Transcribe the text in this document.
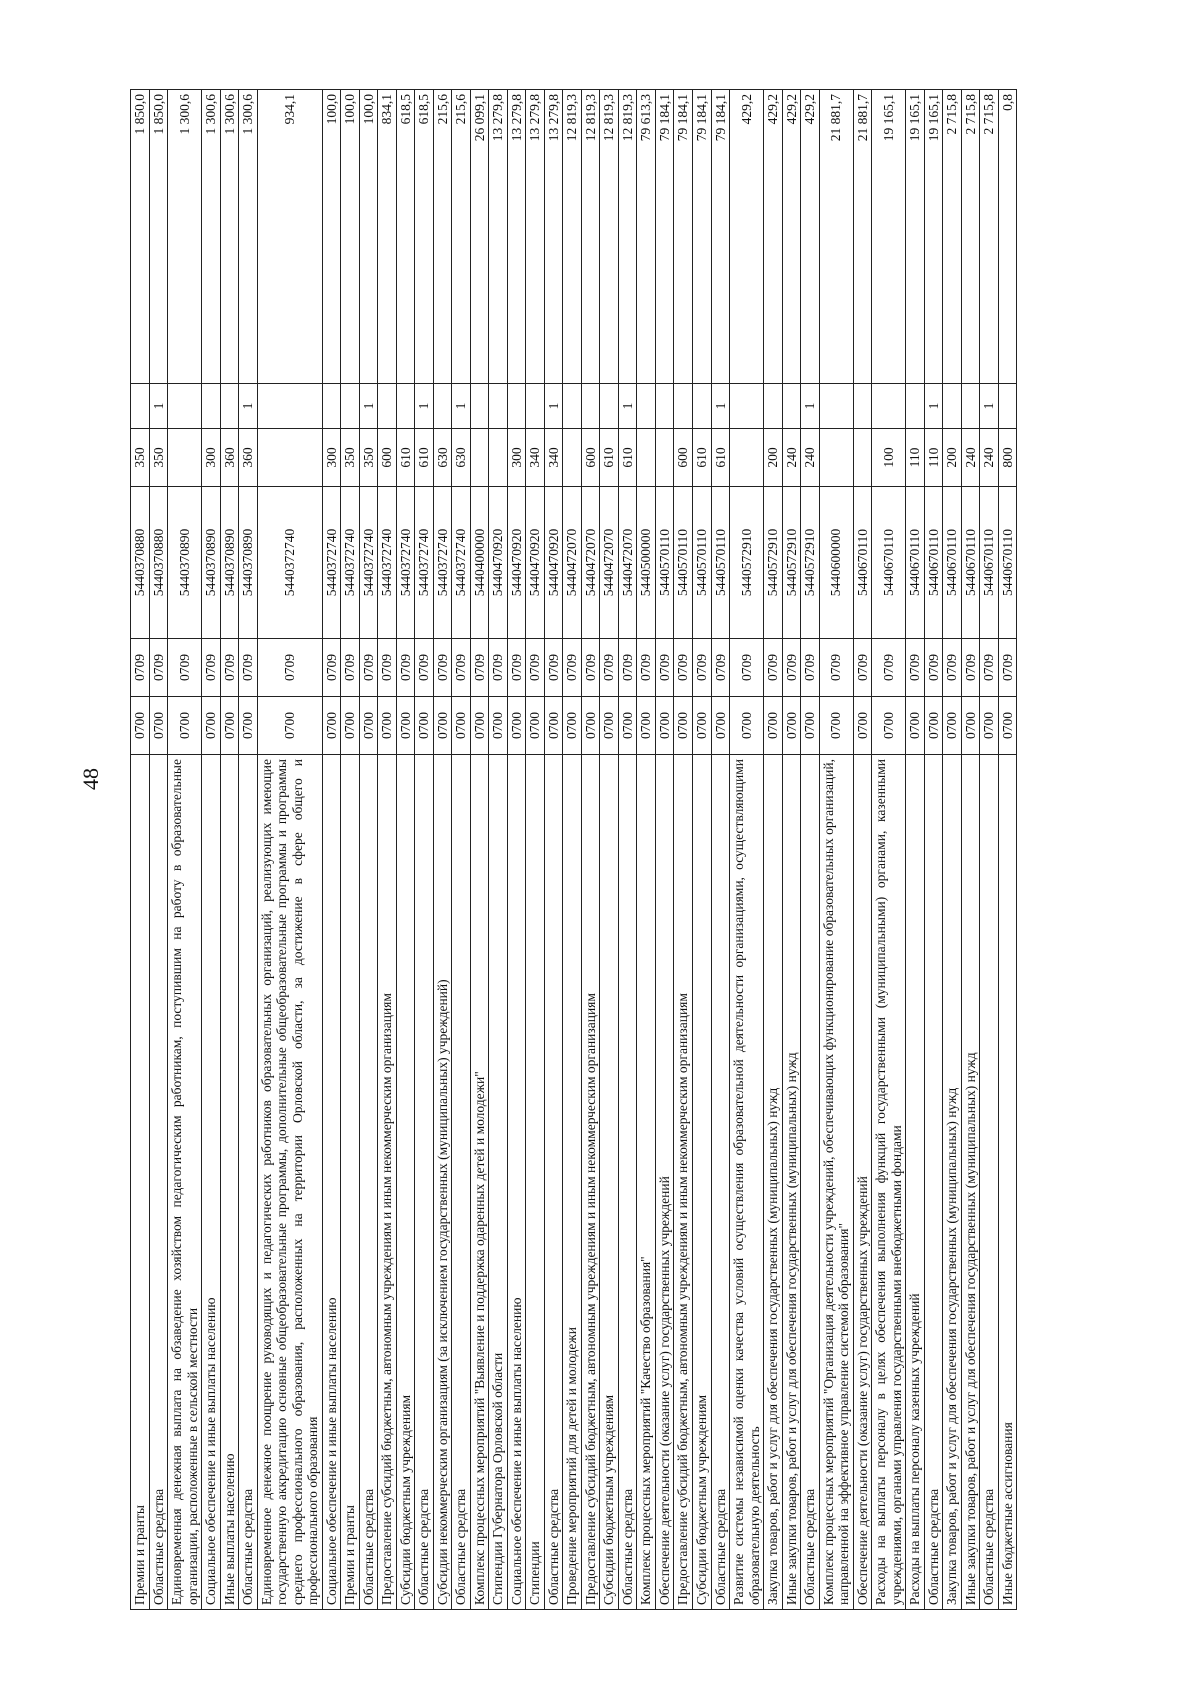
48
Премии и гранты	0700	0709	5440370880	350		1 850,0
Областные средства	0700	0709	5440370880	350	1	1 850,0
Единовременная денежная выплата на обзаведение хозяйством педагогическим работникам, поступившим на работу в образовательные организации, расположенные в сельской местности	0700	0709	5440370890			1 300,6
Социальное обеспечение и иные выплаты населению	0700	0709	5440370890	300		1 300,6
Иные выплаты населению	0700	0709	5440370890	360		1 300,6
Областные средства	0700	0709	5440370890	360	1	1 300,6
Единовременное денежное поощрение руководящих и педагогических работников образовательных организаций, реализующих имеющие государственную аккредитацию основные общеобразовательные программы, дополнительные общеобразовательные программы и программы среднего профессионального образования, расположенных на территории Орловской области, за достижение в сфере общего и профессионального образования	0700	0709	5440372740			934,1
Социальное обеспечение и иные выплаты населению	0700	0709	5440372740	300		100,0
Премии и гранты	0700	0709	5440372740	350		100,0
Областные средства	0700	0709	5440372740	350	1	100,0
Предоставление субсидий бюджетным, автономным учреждениям и иным некоммерческим организациям	0700	0709	5440372740	600		834,1
Субсидии бюджетным учреждениям	0700	0709	5440372740	610		618,5
Областные средства	0700	0709	5440372740	610	1	618,5
Субсидии некоммерческим организациям (за исключением государственных (муниципальных) учреждений)	0700	0709	5440372740	630		215,6
Областные средства	0700	0709	5440372740	630	1	215,6
Комплекс процессных мероприятий "Выявление и поддержка одаренных детей и молодежи"	0700	0709	5440400000			26 099,1
Стипендии Губернатора Орловской области	0700	0709	5440470920			13 279,8
Социальное обеспечение и иные выплаты населению	0700	0709	5440470920	300		13 279,8
Стипендии	0700	0709	5440470920	340		13 279,8
Областные средства	0700	0709	5440470920	340	1	13 279,8
Проведение мероприятий для детей и молодежи	0700	0709	5440472070			12 819,3
Предоставление субсидий бюджетным, автономным учреждениям и иным некоммерческим организациям	0700	0709	5440472070	600		12 819,3
Субсидии бюджетным учреждениям	0700	0709	5440472070	610		12 819,3
Областные средства	0700	0709	5440472070	610	1	12 819,3
Комплекс процессных мероприятий "Качество образования"	0700	0709	5440500000			79 613,3
Обеспечение деятельности (оказание услуг) государственных учреждений	0700	0709	5440570110			79 184,1
Предоставление субсидий бюджетным, автономным учреждениям и иным некоммерческим организациям	0700	0709	5440570110	600		79 184,1
Субсидии бюджетным учреждениям	0700	0709	5440570110	610		79 184,1
Областные средства	0700	0709	5440570110	610	1	79 184,1
Развитие системы независимой оценки качества условий осуществления образовательной деятельности организациями, осуществляющими образовательную деятельность	0700	0709	5440572910			429,2
Закупка товаров, работ и услуг для обеспечения государственных (муниципальных) нужд	0700	0709	5440572910	200		429,2
Иные закупки товаров, работ и услуг для обеспечения государственных (муниципальных) нужд	0700	0709	5440572910	240		429,2
Областные средства	0700	0709	5440572910	240	1	429,2
Комплекс процессных мероприятий "Организация деятельности учреждений, обеспечивающих функционирование образовательных организаций, направленной на эффективное управление системой образования"	0700	0709	5440600000			21 881,7
Обеспечение деятельности (оказание услуг) государственных учреждений	0700	0709	5440670110			21 881,7
Расходы на выплаты персоналу в целях обеспечения выполнения функций государственными (муниципальными) органами, казенными учреждениями, органами управления государственными внебюджетными фондами	0700	0709	5440670110	100		19 165,1
Расходы на выплаты персоналу казенных учреждений	0700	0709	5440670110	110		19 165,1
Областные средства	0700	0709	5440670110	110	1	19 165,1
Закупка товаров, работ и услуг для обеспечения государственных (муниципальных) нужд	0700	0709	5440670110	200		2 715,8
Иные закупки товаров, работ и услуг для обеспечения государственных (муниципальных) нужд	0700	0709	5440670110	240		2 715,8
Областные средства	0700	0709	5440670110	240	1	2 715,8
Иные бюджетные ассигнования	0700	0709	5440670110	800		0,8
